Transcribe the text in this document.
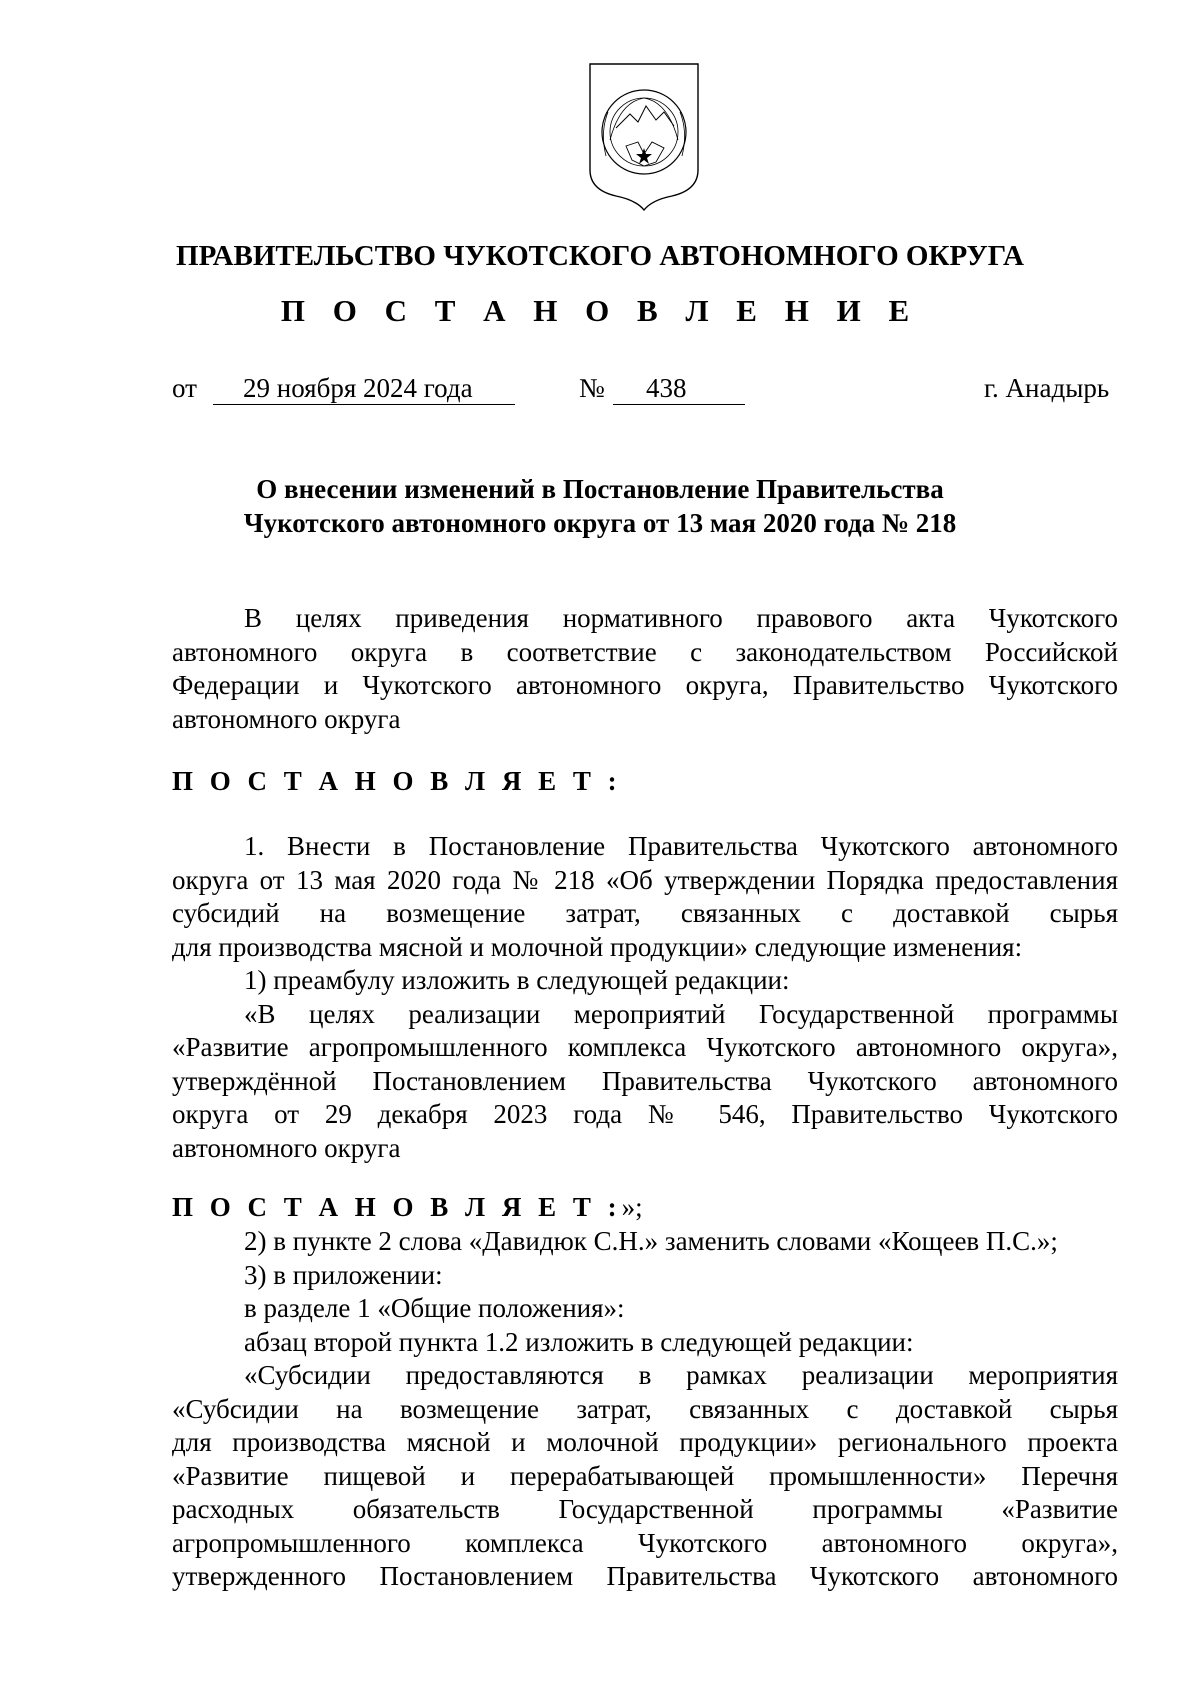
ПРАВИТЕЛЬСТВО ЧУКОТСКОГО АВТОНОМНОГО ОКРУГА
П О С Т А Н О В Л Е Н И Е
от 29 ноября 2024 года	№ 438	г. Анадырь
О внесении изменений в Постановление Правительства
Чукотского автономного округа от 13 мая 2020 года № 218
В целях приведения нормативного правового акта Чукотского
автономного округа в соответствие с законодательством Российской
Федерации и Чукотского автономного округа, Правительство Чукотского
автономного округа
П О С Т А Н О В Л Я Е Т :
1. Внести в Постановление Правительства Чукотского автономного
округа от 13 мая 2020 года № 218 «Об утверждении Порядка предоставления
субсидий на возмещение затрат, связанных с доставкой сырья
для производства мясной и молочной продукции» следующие изменения:
1) преамбулу изложить в следующей редакции:
«В целях реализации мероприятий Государственной программы
«Развитие агропромышленного комплекса Чукотского автономного округа»,
утверждённой Постановлением Правительства Чукотского автономного
округа от 29 декабря 2023 года № 546, Правительство Чукотского
автономного округа
П О С Т А Н О В Л Я Е Т :»;
2) в пункте 2 слова «Давидюк С.Н.» заменить словами «Кощеев П.С.»;
3) в приложении:
в разделе 1 «Общие положения»:
абзац второй пункта 1.2 изложить в следующей редакции:
«Субсидии предоставляются в рамках реализации мероприятия
«Субсидии на возмещение затрат, связанных с доставкой сырья
для производства мясной и молочной продукции» регионального проекта
«Развитие пищевой и перерабатывающей промышленности» Перечня
расходных обязательств Государственной программы «Развитие
агропромышленного комплекса Чукотского автономного округа»,
утвержденного Постановлением Правительства Чукотского автономного
